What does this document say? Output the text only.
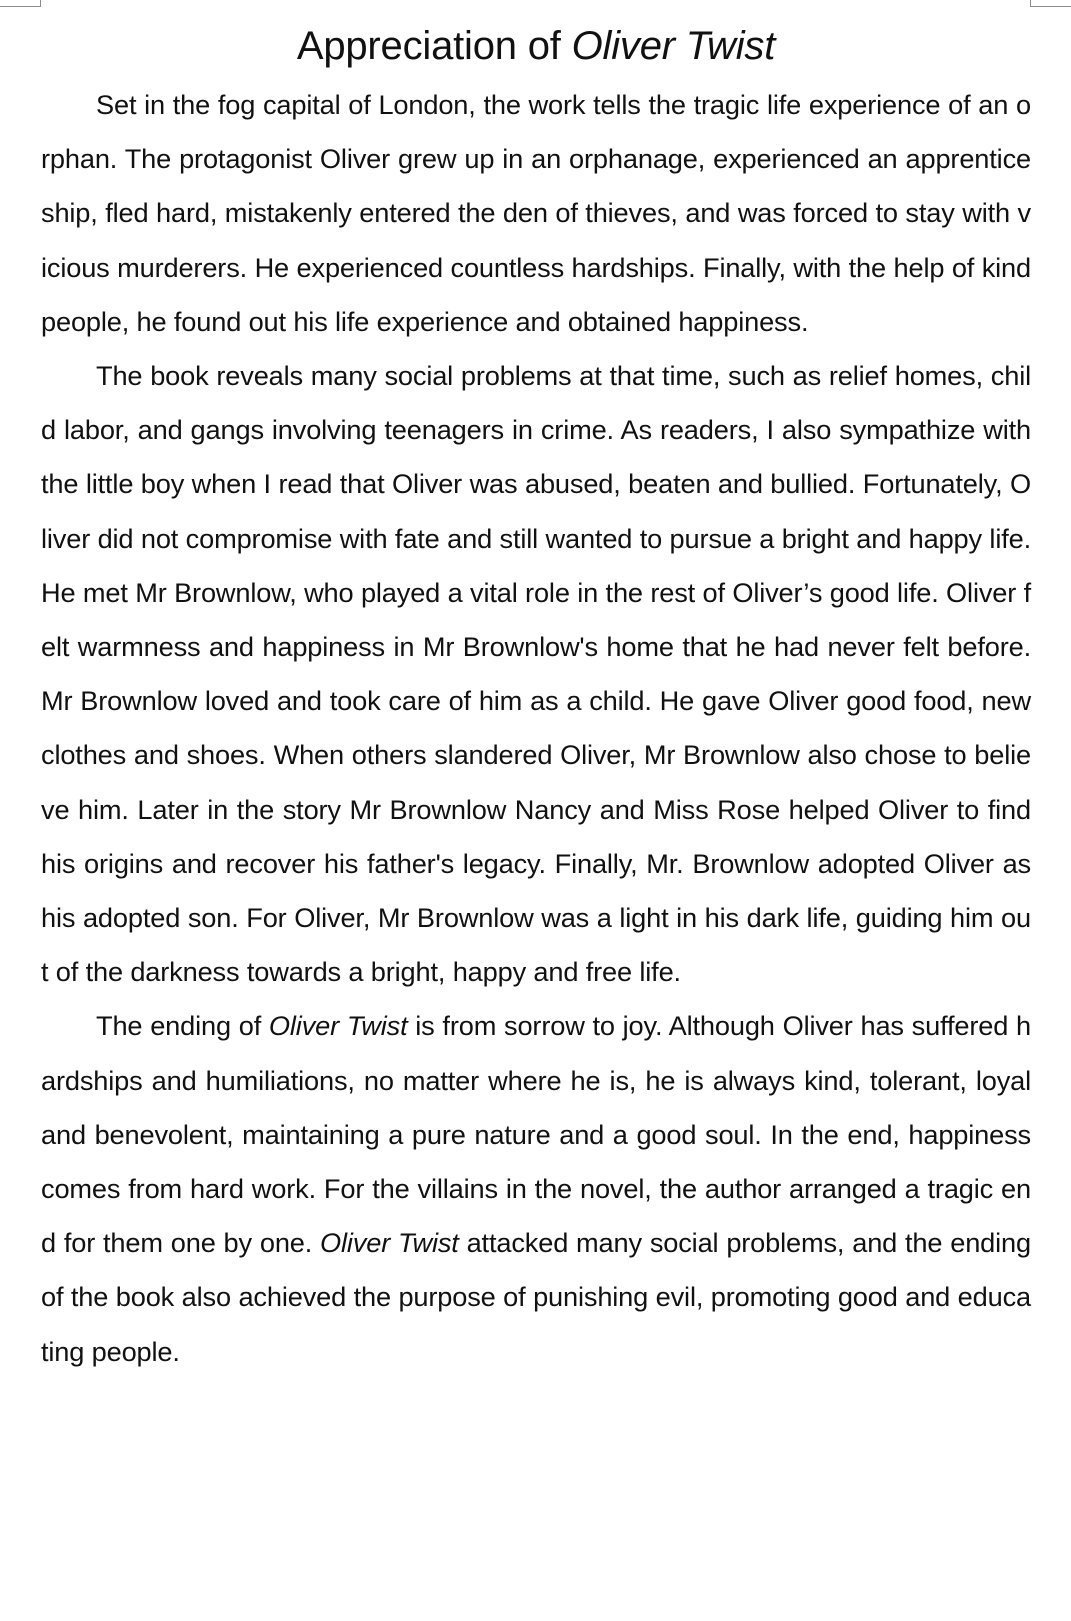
Appreciation of Oliver Twist

Set in the fog capital of London, the work tells the tragic life experience of an orphan. The protagonist Oliver grew up in an orphanage, experienced an apprenticeship, fled hard, mistakenly entered the den of thieves, and was forced to stay with vicious murderers. He experienced countless hardships. Finally, with the help of kind people, he found out his life experience and obtained happiness.

The book reveals many social problems at that time, such as relief homes, child labor, and gangs involving teenagers in crime. As readers, I also sympathize with the little boy when I read that Oliver was abused, beaten and bullied. Fortunately, Oliver did not compromise with fate and still wanted to pursue a bright and happy life. He met Mr Brownlow, who played a vital role in the rest of Oliver’s good life. Oliver felt warmness and happiness in Mr Brownlow's home that he had never felt before. Mr Brownlow loved and took care of him as a child. He gave Oliver good food, new clothes and shoes. When others slandered Oliver, Mr Brownlow also chose to believe him. Later in the story Mr Brownlow Nancy and Miss Rose helped Oliver to find his origins and recover his father's legacy. Finally, Mr. Brownlow adopted Oliver as his adopted son. For Oliver, Mr Brownlow was a light in his dark life, guiding him out of the darkness towards a bright, happy and free life.

The ending of Oliver Twist is from sorrow to joy. Although Oliver has suffered hardships and humiliations, no matter where he is, he is always kind, tolerant, loyal and benevolent, maintaining a pure nature and a good soul. In the end, happiness comes from hard work. For the villains in the novel, the author arranged a tragic end for them one by one. Oliver Twist attacked many social problems, and the ending of the book also achieved the purpose of punishing evil, promoting good and educating people.
